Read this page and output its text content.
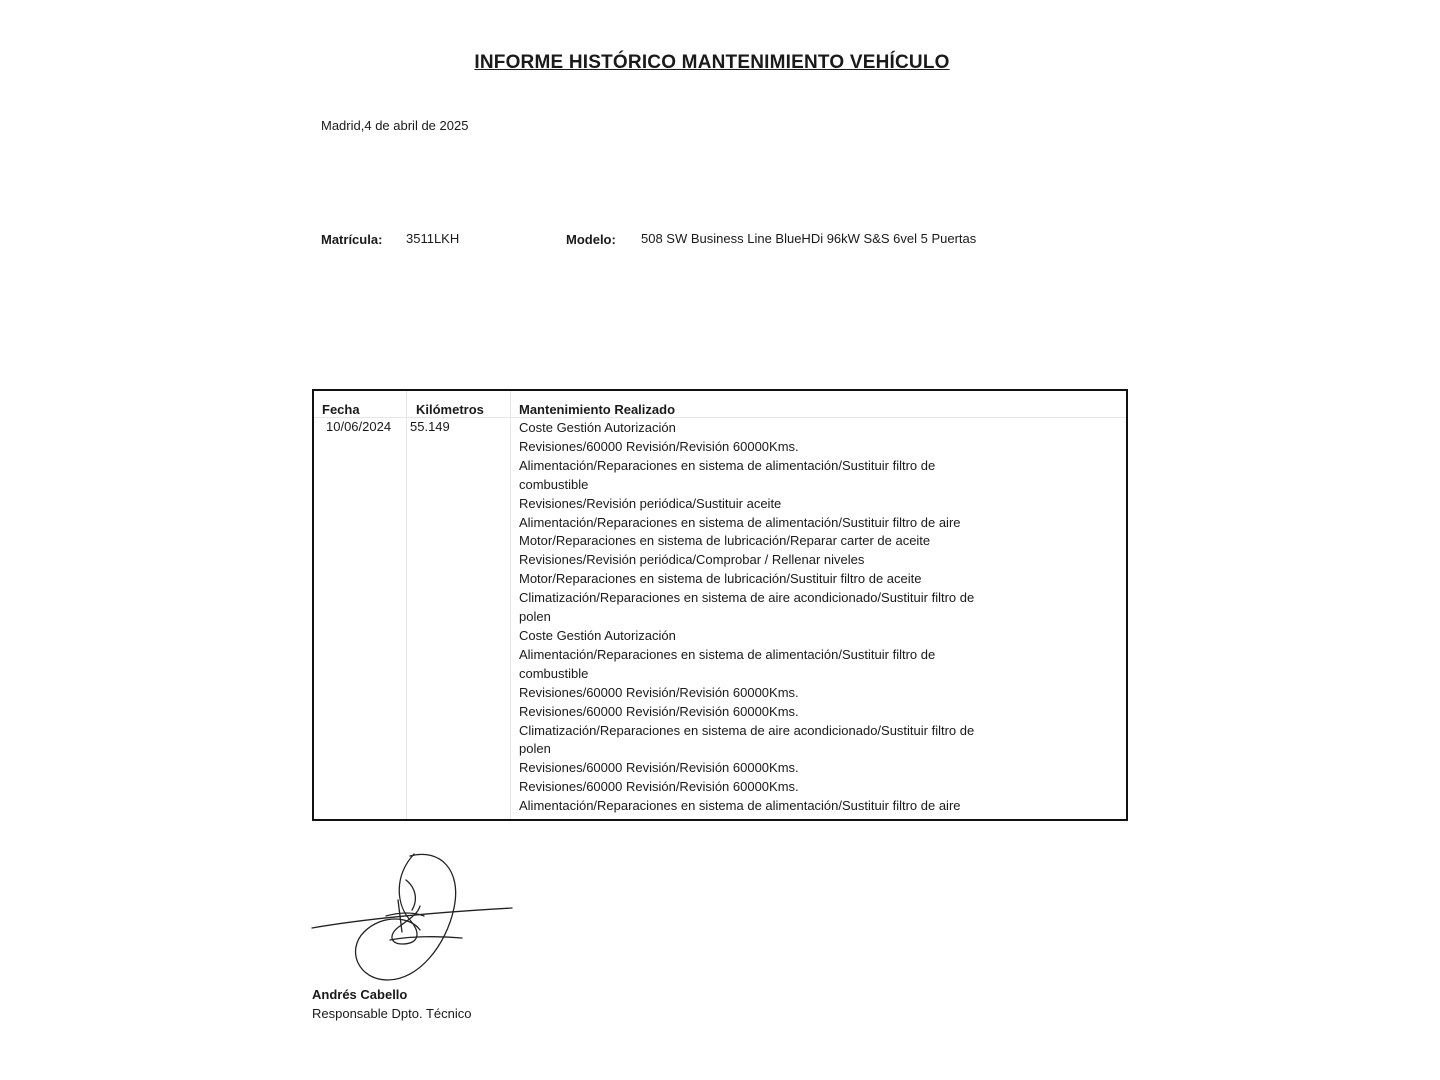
INFORME HISTÓRICO MANTENIMIENTO VEHÍCULO
Madrid,4 de abril de 2025
Matrícula: 3511LKH	Modelo: 508 SW Business Line BlueHDi 96kW S&S 6vel 5 Puertas
Fecha	Kilómetros	Mantenimiento Realizado
10/06/2024 55.149	Coste Gestión Autorización
Revisiones/60000 Revisión/Revisión 60000Kms.
Alimentación/Reparaciones en sistema de alimentación/Sustituir filtro de
combustible
Revisiones/Revisión periódica/Sustituir aceite
Alimentación/Reparaciones en sistema de alimentación/Sustituir filtro de aire
Motor/Reparaciones en sistema de lubricación/Reparar carter de aceite
Revisiones/Revisión periódica/Comprobar / Rellenar niveles
Motor/Reparaciones en sistema de lubricación/Sustituir filtro de aceite
Climatización/Reparaciones en sistema de aire acondicionado/Sustituir filtro de
polen
Coste Gestión Autorización
Alimentación/Reparaciones en sistema de alimentación/Sustituir filtro de
combustible
Revisiones/60000 Revisión/Revisión 60000Kms.
Revisiones/60000 Revisión/Revisión 60000Kms.
Climatización/Reparaciones en sistema de aire acondicionado/Sustituir filtro de
polen
Revisiones/60000 Revisión/Revisión 60000Kms.
Revisiones/60000 Revisión/Revisión 60000Kms.
Alimentación/Reparaciones en sistema de alimentación/Sustituir filtro de aire
Andrés Cabello
Responsable Dpto. Técnico
